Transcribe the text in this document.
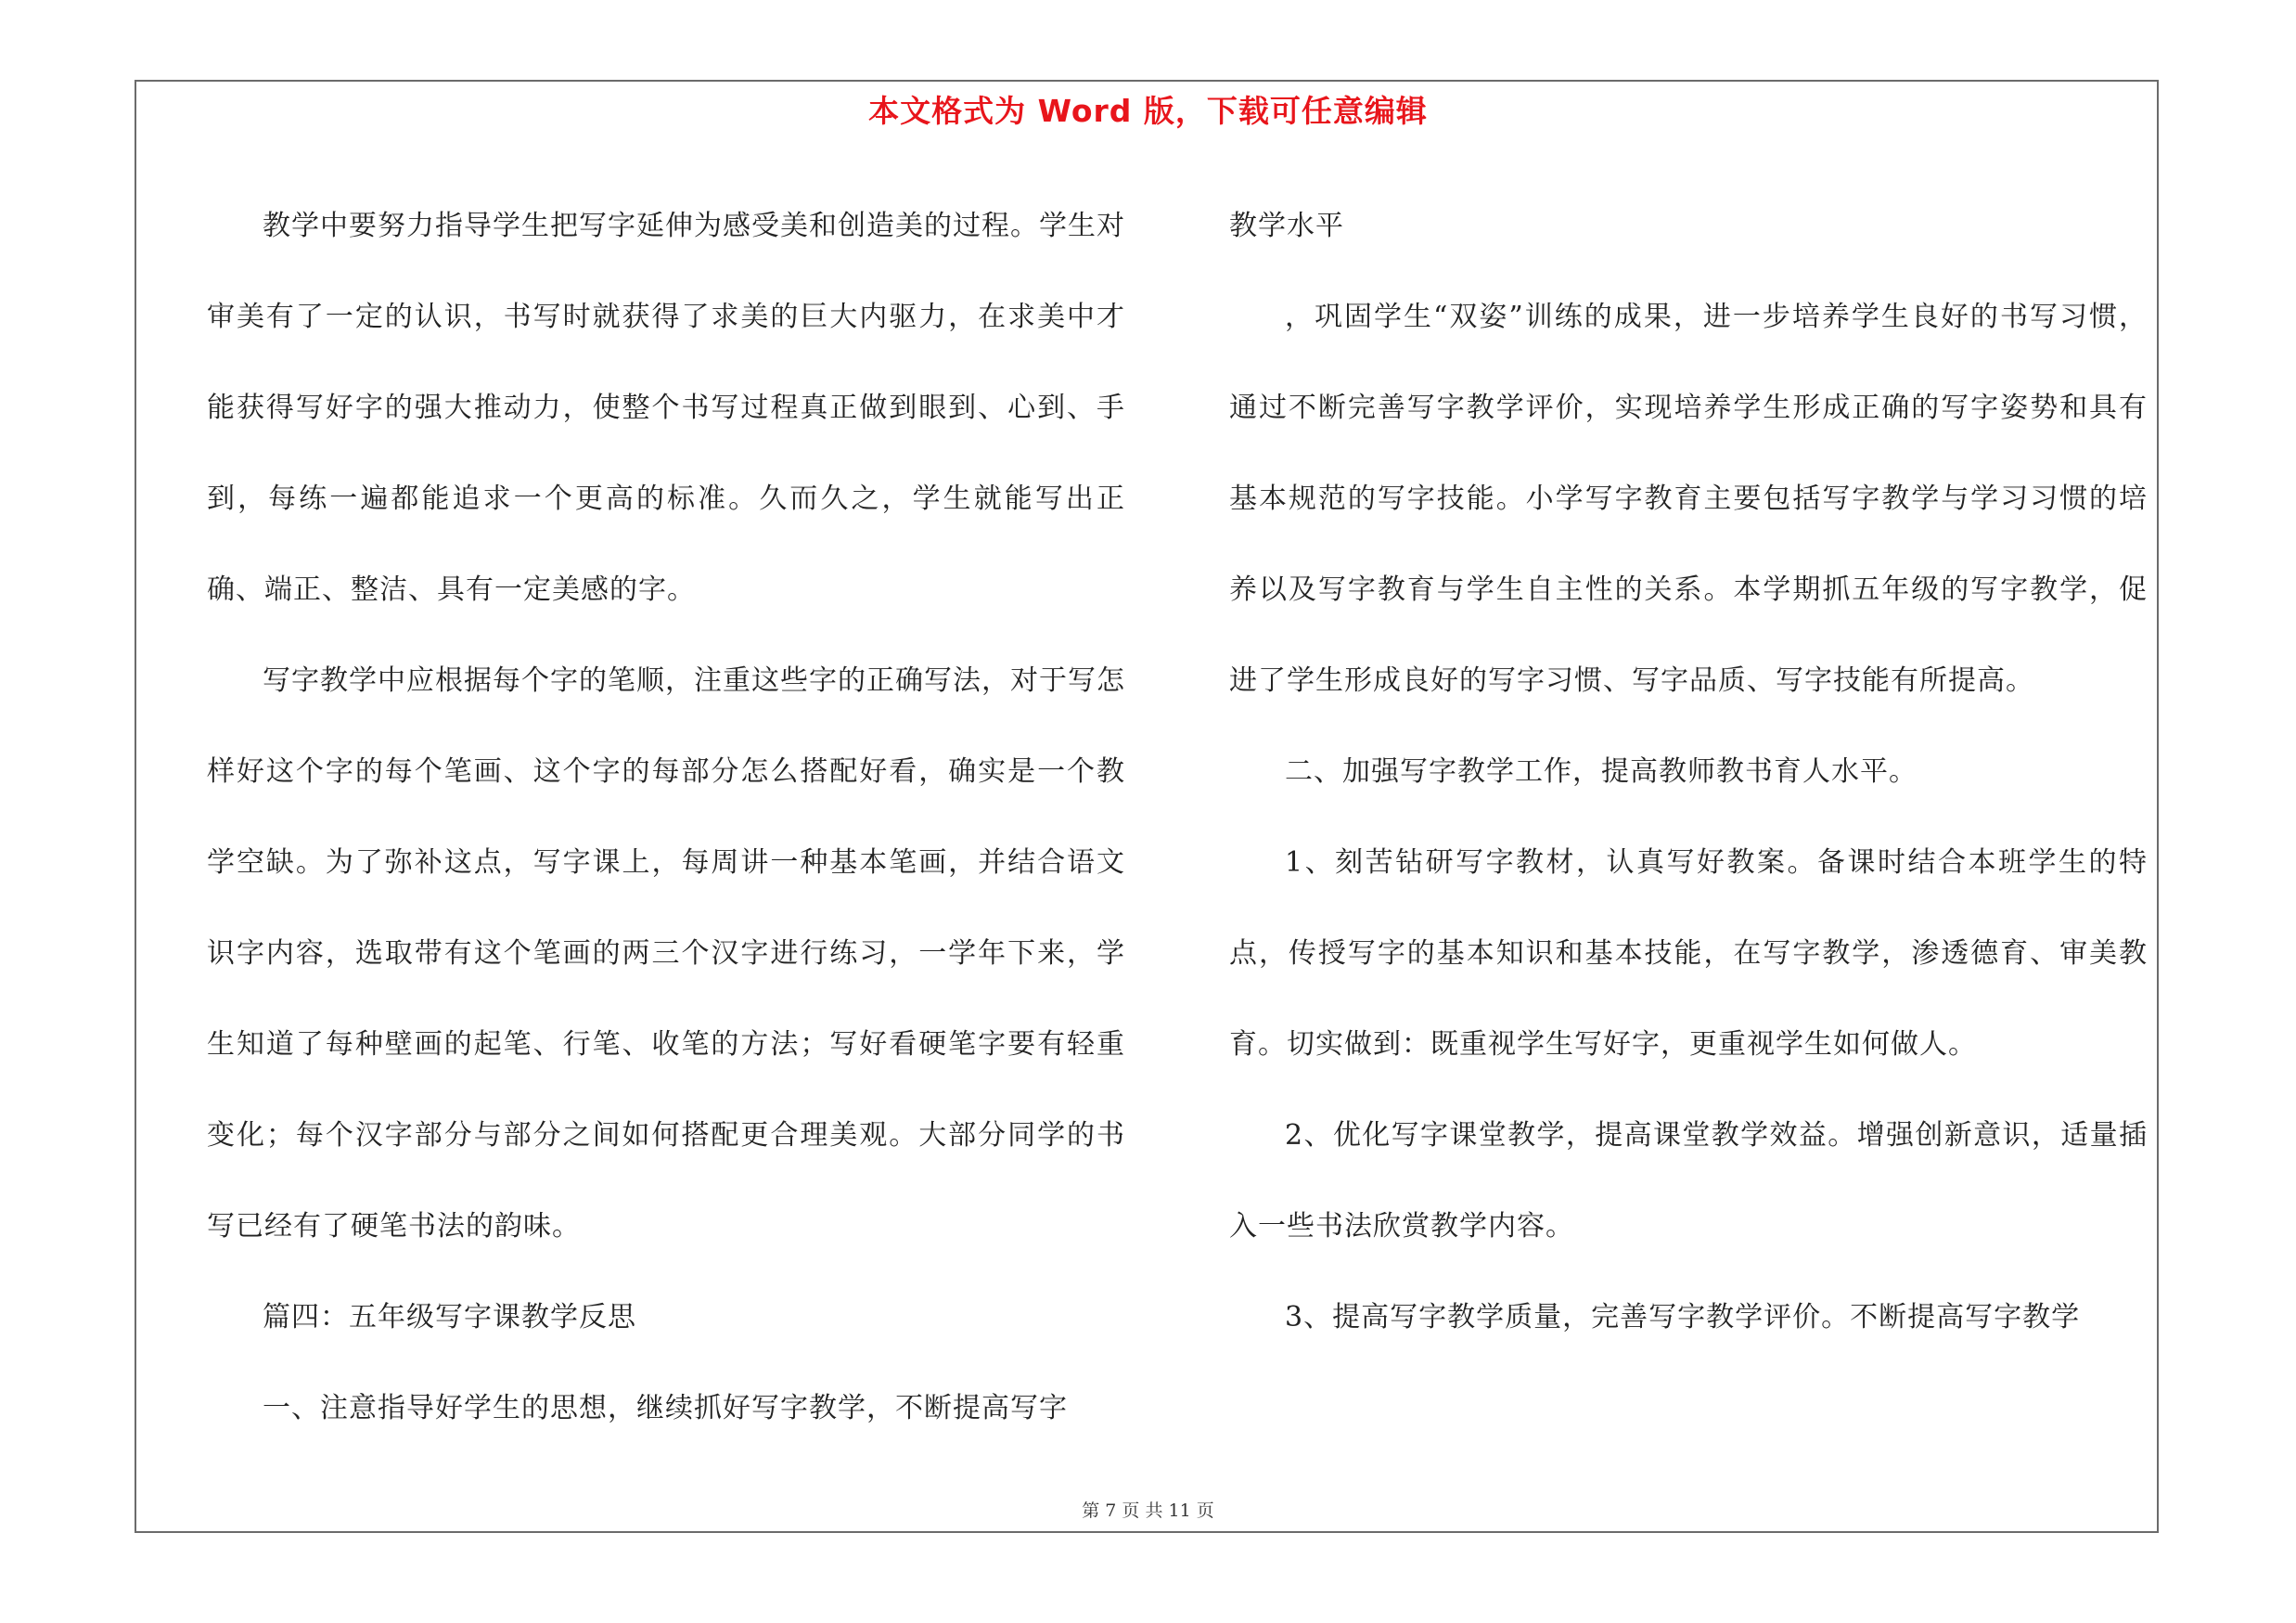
本文格式为 Word 版，下载可任意编辑

教学中要努力指导学生把写字延伸为感受美和创造美的过程。学生对审美有了一定的认识，书写时就获得了求美的巨大内驱力，在求美中才能获得写好字的强大推动力，使整个书写过程真正做到眼到、心到、手到，每练一遍都能追求一个更高的标准。久而久之，学生就能写出正确、端正、整洁、具有一定美感的字。

写字教学中应根据每个字的笔顺，注重这些字的正确写法，对于写怎样好这个字的每个笔画、这个字的每部分怎么搭配好看，确实是一个教学空缺。为了弥补这点，写字课上，每周讲一种基本笔画，并结合语文识字内容，选取带有这个笔画的两三个汉字进行练习，一学年下来，学生知道了每种壁画的起笔、行笔、收笔的方法；写好看硬笔字要有轻重变化；每个汉字部分与部分之间如何搭配更合理美观。大部分同学的书写已经有了硬笔书法的韵味。

篇四：五年级写字课教学反思

一、注意指导好学生的思想，继续抓好写字教学，不断提高写字

教学水平

，巩固学生“双姿”训练的成果，进一步培养学生良好的书写习惯，通过不断完善写字教学评价，实现培养学生形成正确的写字姿势和具有基本规范的写字技能。小学写字教育主要包括写字教学与学习习惯的培养以及写字教育与学生自主性的关系。本学期抓五年级的写字教学，促进了学生形成良好的写字习惯、写字品质、写字技能有所提高。

二、加强写字教学工作，提高教师教书育人水平。

1、刻苦钻研写字教材，认真写好教案。备课时结合本班学生的特点，传授写字的基本知识和基本技能，在写字教学，渗透德育、审美教育。切实做到：既重视学生写好字，更重视学生如何做人。

2、优化写字课堂教学，提高课堂教学效益。增强创新意识，适量插入一些书法欣赏教学内容。

3、提高写字教学质量，完善写字教学评价。不断提高写字教学

第 7 页 共 11 页
